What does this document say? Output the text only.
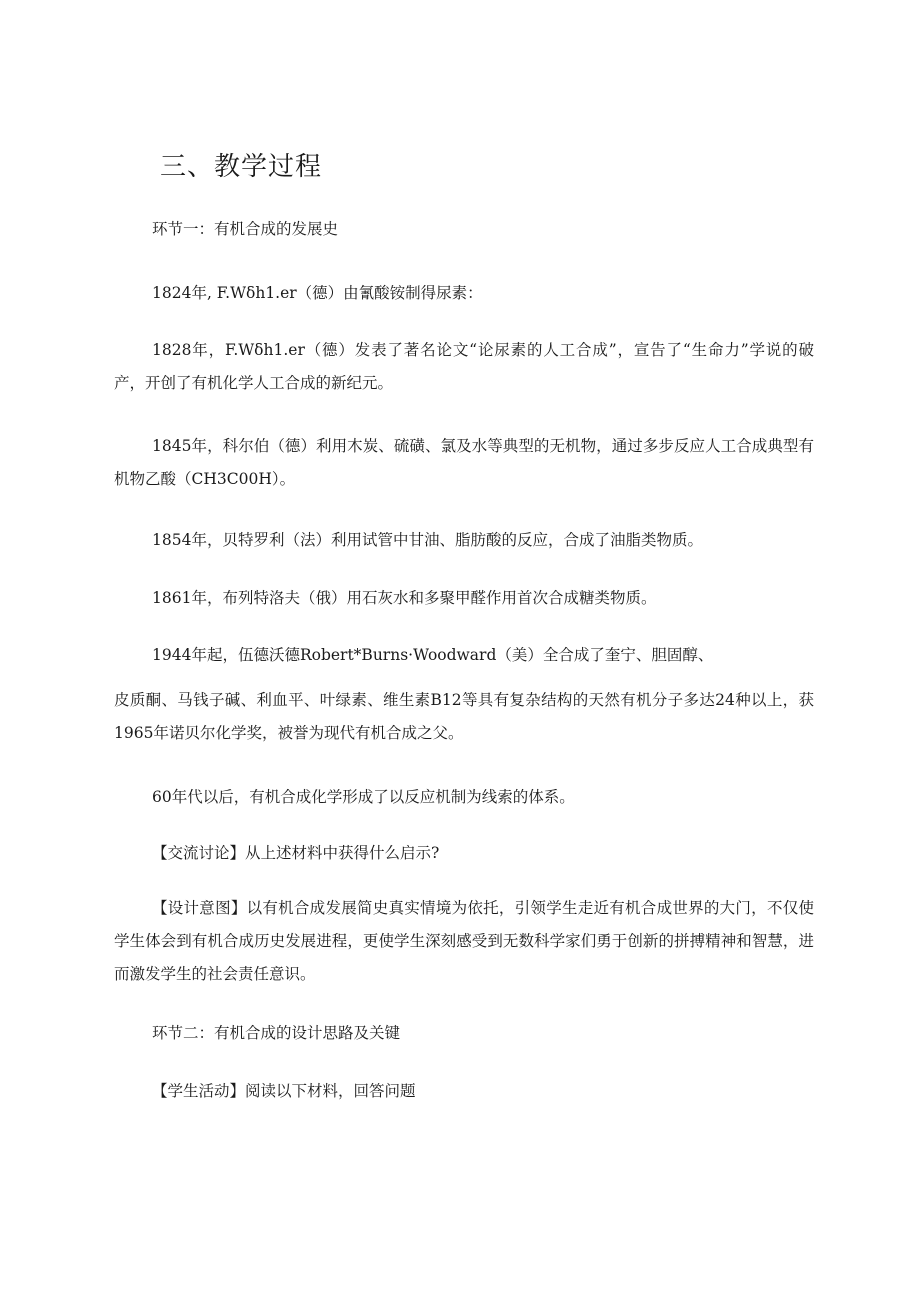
三、教学过程
环节一：有机合成的发展史
1824年, F.Wδh1.er（德）由氰酸铵制得尿素：
1828年，F.Wδh1.er（德）发表了著名论文“论尿素的人工合成”，宣告了“生命力”学说的破产，开创了有机化学人工合成的新纪元。
1845年，科尔伯（德）利用木炭、硫磺、氯及水等典型的无机物，通过多步反应人工合成典型有机物乙酸（CH3C00H）。
1854年，贝特罗利（法）利用试管中甘油、脂肪酸的反应，合成了油脂类物质。
1861年，布列特洛夫（俄）用石灰水和多聚甲醛作用首次合成糖类物质。
1944年起，伍德沃德Robert*Burns·Woodward（美）全合成了奎宁、胆固醇、
皮质酮、马钱子碱、利血平、叶绿素、维生素B12等具有复杂结构的天然有机分子多达24种以上，获1965年诺贝尔化学奖，被誉为现代有机合成之父。
60年代以后，有机合成化学形成了以反应机制为线索的体系。
【交流讨论】从上述材料中获得什么启示?
【设计意图】以有机合成发展简史真实情境为依托，引领学生走近有机合成世界的大门，不仅使学生体会到有机合成历史发展进程，更使学生深刻感受到无数科学家们勇于创新的拼搏精神和智慧，进而激发学生的社会责任意识。
环节二：有机合成的设计思路及关键
【学生活动】阅读以下材料，回答问题
